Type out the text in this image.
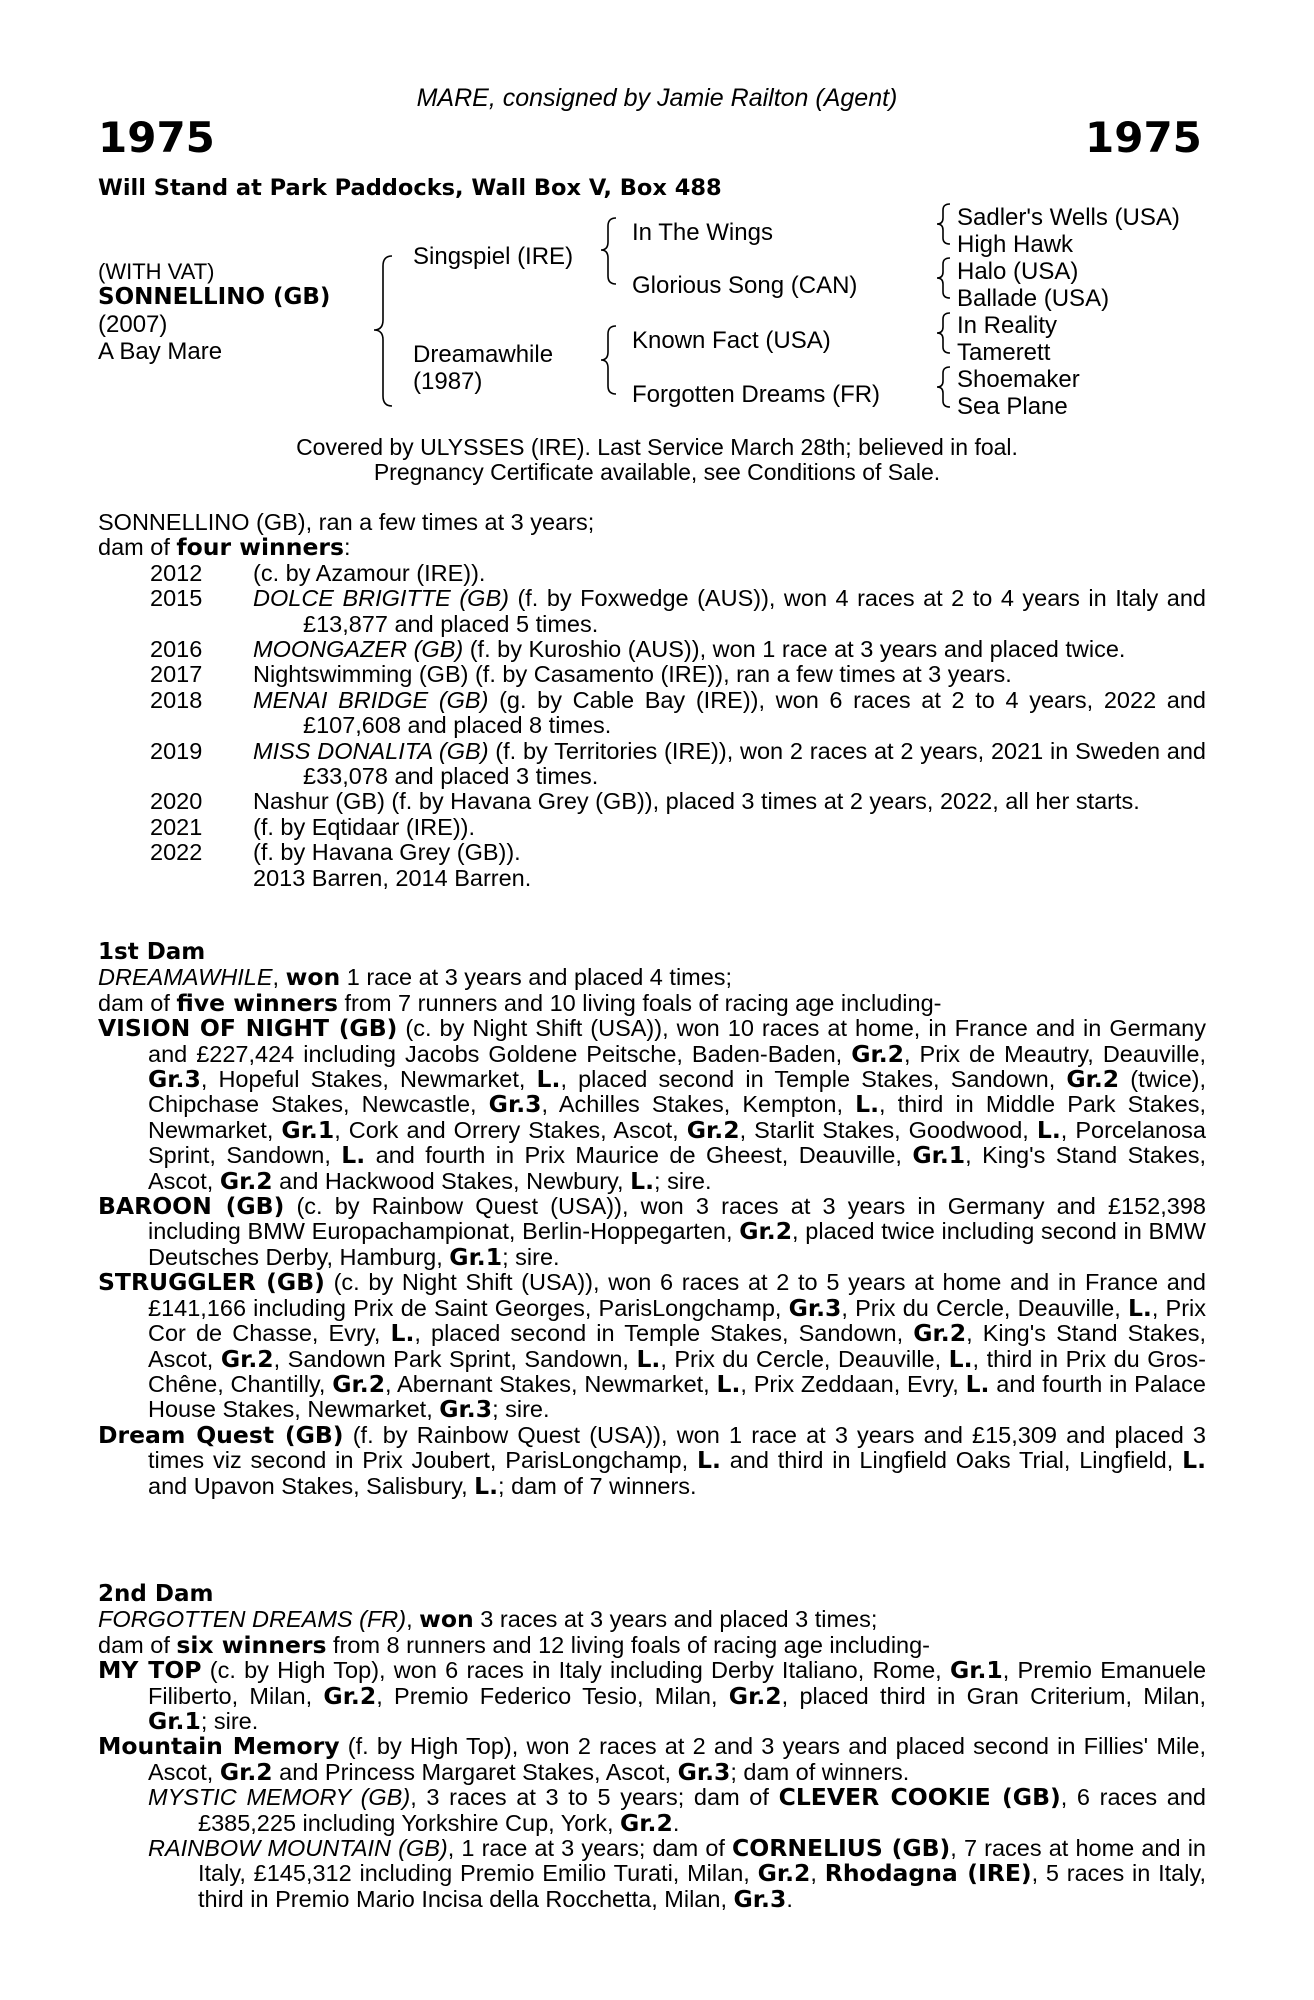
MARE, consigned by Jamie Railton (Agent)
1975	1975
Will Stand at Park Paddocks, Wall Box V, Box 488
(WITH VAT)
SONNELLINO (GB)
(2007)
A Bay Mare
Singspiel (IRE)
Dreamawhile
(1987)
In The Wings
Glorious Song (CAN)
Known Fact (USA)
Forgotten Dreams (FR)
Sadler's Wells (USA)
High Hawk
Halo (USA)
Ballade (USA)
In Reality
Tamerett
Shoemaker
Sea Plane
Covered by ULYSSES (IRE). Last Service March 28th; believed in foal.
Pregnancy Certificate available, see Conditions of Sale.
SONNELLINO (GB), ran a few times at 3 years;
dam of four winners:
2012 (c. by Azamour (IRE)).
2015 DOLCE BRIGITTE (GB) (f. by Foxwedge (AUS)), won 4 races at 2 to 4 years in Italy and £13,877 and placed 5 times.
2016 MOONGAZER (GB) (f. by Kuroshio (AUS)), won 1 race at 3 years and placed twice.
2017 Nightswimming (GB) (f. by Casamento (IRE)), ran a few times at 3 years.
2018 MENAI BRIDGE (GB) (g. by Cable Bay (IRE)), won 6 races at 2 to 4 years, 2022 and £107,608 and placed 8 times.
2019 MISS DONALITA (GB) (f. by Territories (IRE)), won 2 races at 2 years, 2021 in Sweden and £33,078 and placed 3 times.
2020 Nashur (GB) (f. by Havana Grey (GB)), placed 3 times at 2 years, 2022, all her starts.
2021 (f. by Eqtidaar (IRE)).
2022 (f. by Havana Grey (GB)).
2013 Barren, 2014 Barren.
1st Dam
DREAMAWHILE, won 1 race at 3 years and placed 4 times;
dam of five winners from 7 runners and 10 living foals of racing age including-
VISION OF NIGHT (GB) (c. by Night Shift (USA)), won 10 races at home, in France and in Germany and £227,424 including Jacobs Goldene Peitsche, Baden-Baden, Gr.2, Prix de Meautry, Deauville, Gr.3, Hopeful Stakes, Newmarket, L., placed second in Temple Stakes, Sandown, Gr.2 (twice), Chipchase Stakes, Newcastle, Gr.3, Achilles Stakes, Kempton, L., third in Middle Park Stakes, Newmarket, Gr.1, Cork and Orrery Stakes, Ascot, Gr.2, Starlit Stakes, Goodwood, L., Porcelanosa Sprint, Sandown, L. and fourth in Prix Maurice de Gheest, Deauville, Gr.1, King's Stand Stakes, Ascot, Gr.2 and Hackwood Stakes, Newbury, L.; sire.
BAROON (GB) (c. by Rainbow Quest (USA)), won 3 races at 3 years in Germany and £152,398 including BMW Europachampionat, Berlin-Hoppegarten, Gr.2, placed twice including second in BMW Deutsches Derby, Hamburg, Gr.1; sire.
STRUGGLER (GB) (c. by Night Shift (USA)), won 6 races at 2 to 5 years at home and in France and £141,166 including Prix de Saint Georges, ParisLongchamp, Gr.3, Prix du Cercle, Deauville, L., Prix Cor de Chasse, Evry, L., placed second in Temple Stakes, Sandown, Gr.2, King's Stand Stakes, Ascot, Gr.2, Sandown Park Sprint, Sandown, L., Prix du Cercle, Deauville, L., third in Prix du Gros-Chêne, Chantilly, Gr.2, Abernant Stakes, Newmarket, L., Prix Zeddaan, Evry, L. and fourth in Palace House Stakes, Newmarket, Gr.3; sire.
Dream Quest (GB) (f. by Rainbow Quest (USA)), won 1 race at 3 years and £15,309 and placed 3 times viz second in Prix Joubert, ParisLongchamp, L. and third in Lingfield Oaks Trial, Lingfield, L. and Upavon Stakes, Salisbury, L.; dam of 7 winners.
2nd Dam
FORGOTTEN DREAMS (FR), won 3 races at 3 years and placed 3 times;
dam of six winners from 8 runners and 12 living foals of racing age including-
MY TOP (c. by High Top), won 6 races in Italy including Derby Italiano, Rome, Gr.1, Premio Emanuele Filiberto, Milan, Gr.2, Premio Federico Tesio, Milan, Gr.2, placed third in Gran Criterium, Milan, Gr.1; sire.
Mountain Memory (f. by High Top), won 2 races at 2 and 3 years and placed second in Fillies' Mile, Ascot, Gr.2 and Princess Margaret Stakes, Ascot, Gr.3; dam of winners.
MYSTIC MEMORY (GB), 3 races at 3 to 5 years; dam of CLEVER COOKIE (GB), 6 races and £385,225 including Yorkshire Cup, York, Gr.2.
RAINBOW MOUNTAIN (GB), 1 race at 3 years; dam of CORNELIUS (GB), 7 races at home and in Italy, £145,312 including Premio Emilio Turati, Milan, Gr.2, Rhodagna (IRE), 5 races in Italy, third in Premio Mario Incisa della Rocchetta, Milan, Gr.3.
